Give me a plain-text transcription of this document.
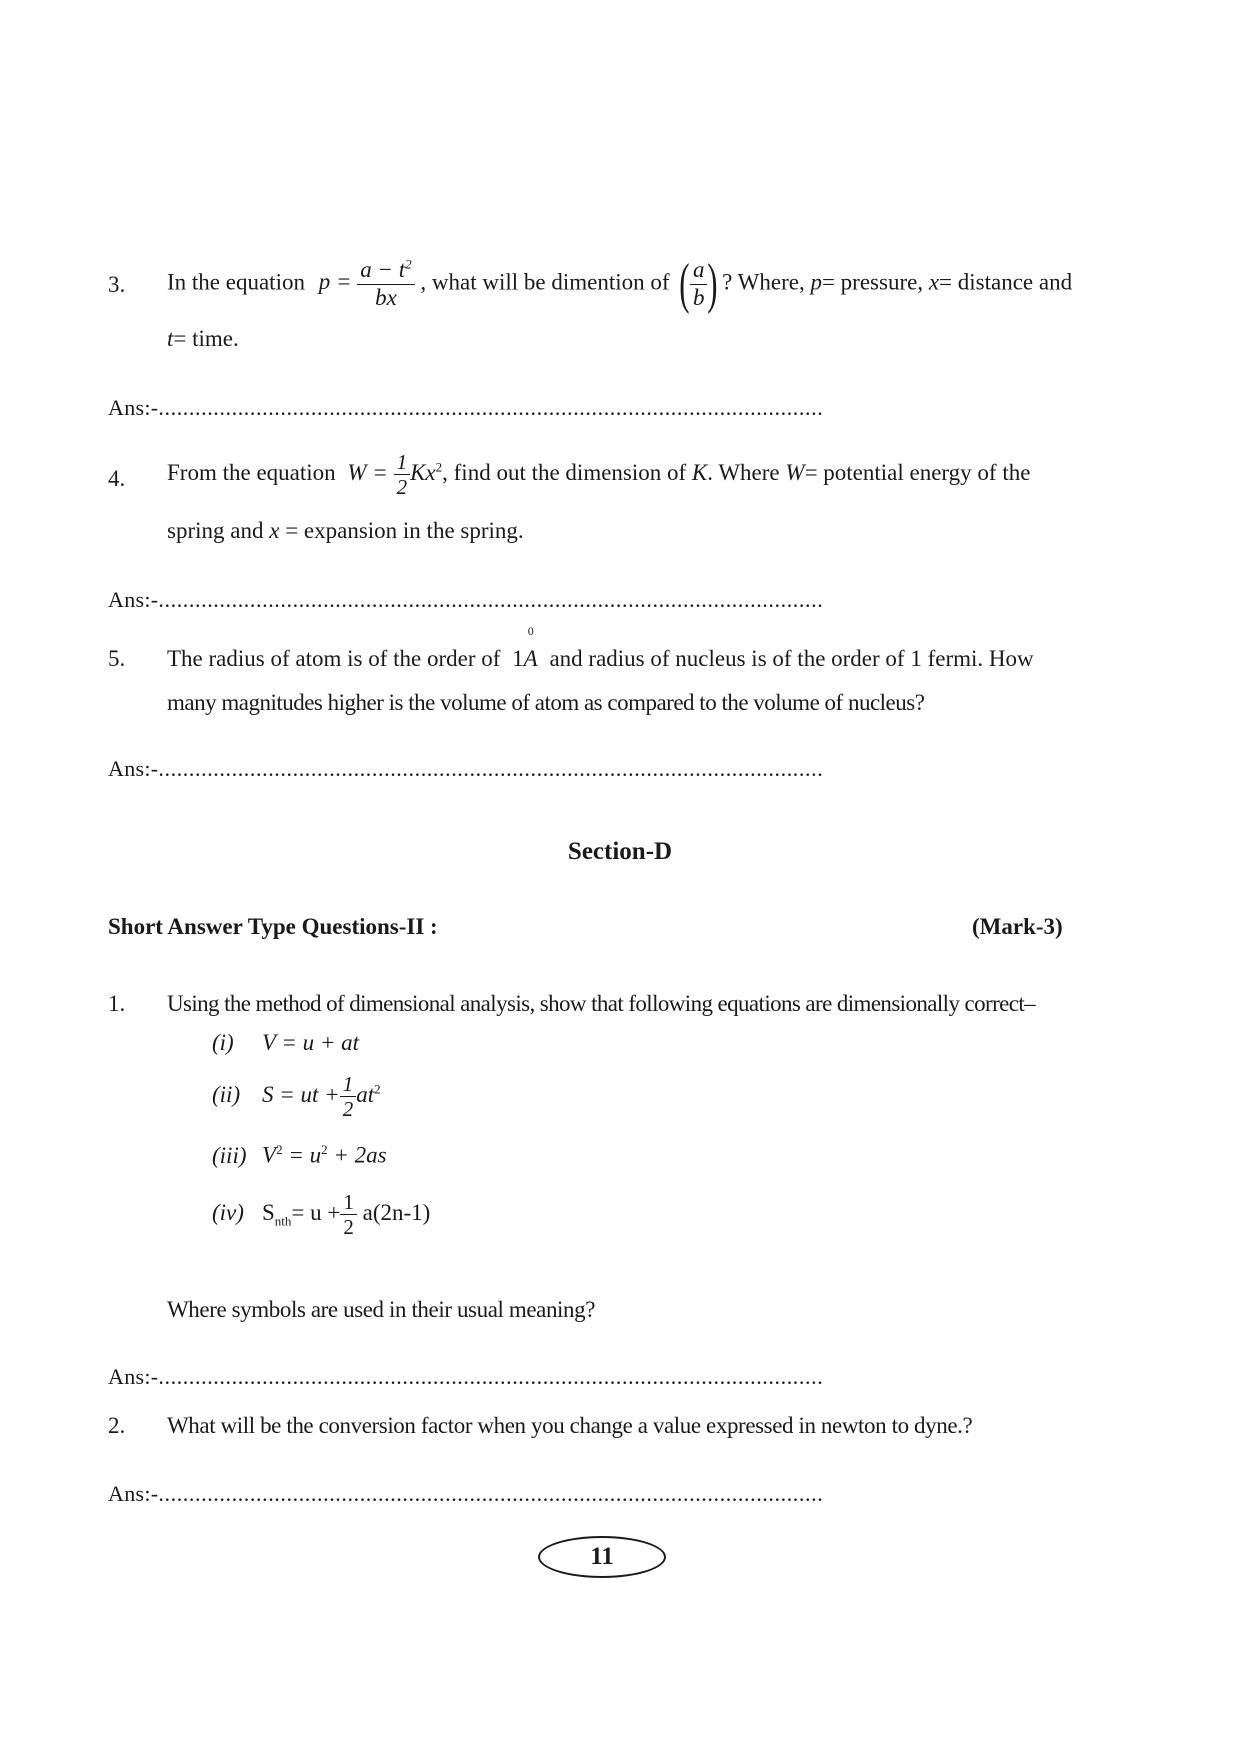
3. In the equation $p = \frac{a - t^2}{bx}$ , what will be dimention of ( $\frac{a}{b}$ ) ? Where, p= pressure, x= distance and
t= time.
Ans:-.............................................................................................................
4. From the equation $W = \frac{1}{2} Kx^2$, find out the dimension of K. Where W= potential energy of the
spring and x = expansion in the spring.
Ans:-.............................................................................................................
5. The radius of atom is of the order of 1
0
A and radius of nucleus is of the order of 1 fermi. How
many magnitudes higher is the volume of atom as compared to the volume of nucleus?
Ans:-.............................................................................................................
Section-D
Short Answer Type Questions-II :	(Mark-3)
1. Using the method of dimensional analysis, show that following equations are dimensionally correct–
(i) V = u + at
(ii) S = ut + $\frac{1}{2} at^2$
(iii) $V^2 = u^2 + 2as$
(iv) $S_{nth}= u + \frac{1}{2} a(2n-1)$
Where symbols are used in their usual meaning?
Ans:-.............................................................................................................
2. What will be the conversion factor when you change a value expressed in newton to dyne.?
Ans:-.............................................................................................................
11
